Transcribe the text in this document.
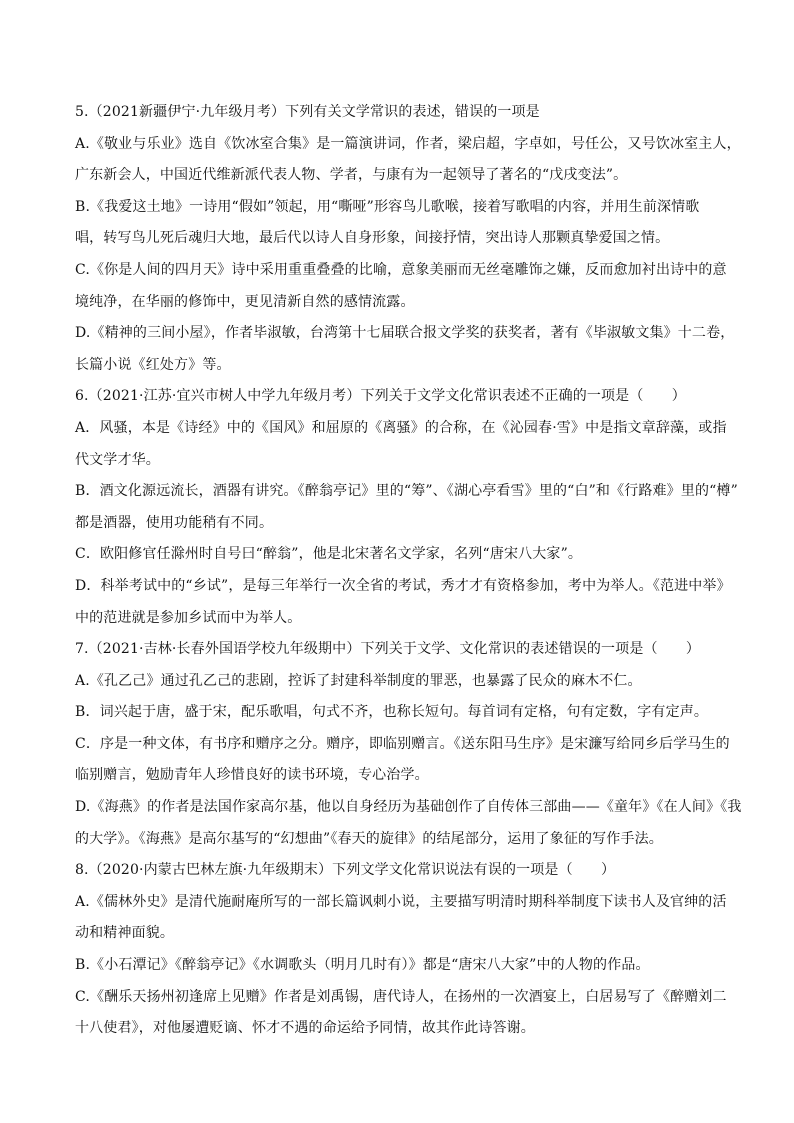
5.（2021新疆伊宁·九年级月考）下列有关文学常识的表述，错误的一项是
A.《敬业与乐业》选自《饮冰室合集》是一篇演讲词，作者，梁启超，字卓如，号任公，又号饮冰室主人，
广东新会人，中国近代维新派代表人物、学者，与康有为一起领导了著名的“戊戌变法”。
B.《我爱这土地》一诗用“假如”领起，用“嘶哑”形容鸟儿歌喉，接着写歌唱的内容，并用生前深情歌
唱，转写鸟儿死后魂归大地，最后代以诗人自身形象，间接抒情，突出诗人那颗真挚爱国之情。
C.《你是人间的四月天》诗中采用重重叠叠的比喻，意象美丽而无丝毫雕饰之嫌，反而愈加衬出诗中的意
境纯净，在华丽的修饰中，更见清新自然的感情流露。
D.《精神的三间小屋》，作者毕淑敏，台湾第十七届联合报文学奖的获奖者，著有《毕淑敏文集》十二卷，
长篇小说《红处方》等。
6.（2021·江苏·宜兴市树人中学九年级月考）下列关于文学文化常识表述不正确的一项是（　　）
A．风骚，本是《诗经》中的《国风》和屈原的《离骚》的合称，在《沁园春·雪》中是指文章辞藻，或指
代文学才华。
B．酒文化源远流长，酒器有讲究。《醉翁亭记》里的“筹”、《湖心亭看雪》里的“白”和《行路难》里的“樽”
都是酒器，使用功能稍有不同。
C．欧阳修官任滁州时自号曰“醉翁”，他是北宋著名文学家，名列“唐宋八大家”。
D．科举考试中的“乡试”，是每三年举行一次全省的考试，秀才才有资格参加，考中为举人。《范进中举》
中的范进就是参加乡试而中为举人。
7.（2021·吉林·长春外国语学校九年级期中）下列关于文学、文化常识的表述错误的一项是（　　）
A.《孔乙己》通过孔乙己的悲剧，控诉了封建科举制度的罪恶，也暴露了民众的麻木不仁。
B．词兴起于唐，盛于宋，配乐歌唱，句式不齐，也称长短句。每首词有定格，句有定数，字有定声。
C．序是一种文体，有书序和赠序之分。赠序，即临别赠言。《送东阳马生序》是宋濂写给同乡后学马生的
临别赠言，勉励青年人珍惜良好的读书环境，专心治学。
D.《海燕》的作者是法国作家高尔基，他以自身经历为基础创作了自传体三部曲——《童年》《在人间》《我
的大学》。《海燕》是高尔基写的“幻想曲”《春天的旋律》的结尾部分，运用了象征的写作手法。
8.（2020·内蒙古巴林左旗·九年级期末）下列文学文化常识说法有误的一项是（　　）
A.《儒林外史》是清代施耐庵所写的一部长篇讽刺小说，主要描写明清时期科举制度下读书人及官绅的活
动和精神面貌。
B.《小石潭记》《醉翁亭记》《水调歌头（明月几时有）》都是“唐宋八大家”中的人物的作品。
C.《酬乐天扬州初逢席上见赠》作者是刘禹锡，唐代诗人，在扬州的一次酒宴上，白居易写了《醉赠刘二
十八使君》，对他屡遭贬谪、怀才不遇的命运给予同情，故其作此诗答谢。
